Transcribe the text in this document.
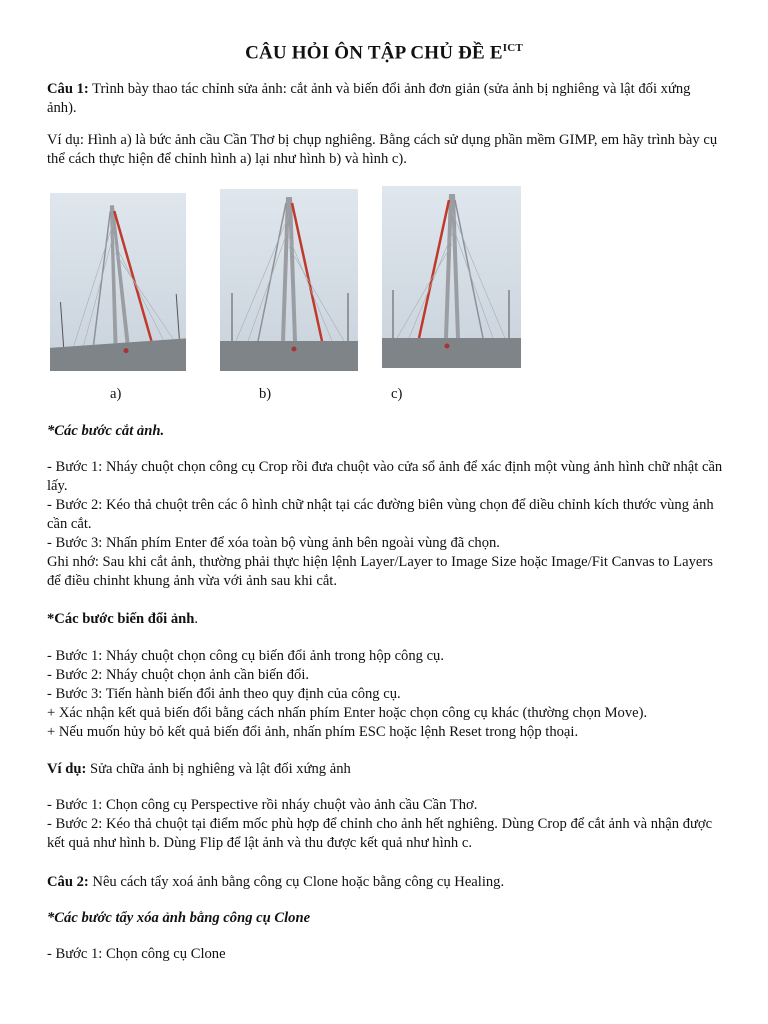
CÂU HỎI ÔN TẬP CHỦ ĐỀ $E^{ICT}$
Câu 1: Trình bày thao tác chỉnh sửa ảnh: cắt ảnh và biến đổi ảnh đơn giản (sửa ảnh bị nghiêng và lật đối xứng ảnh).
Ví dụ: Hình a) là bức ảnh cầu Cần Thơ bị chụp nghiêng. Bằng cách sử dụng phần mềm GIMP, em hãy trình bày cụ thể cách thực hiện để chỉnh hình a) lại như hình b) và hình c).
a)	b)	c)
*Các bước cắt ảnh.
- Bước 1: Nháy chuột chọn công cụ Crop rồi đưa chuột vào cửa sổ ảnh để xác định một vùng ảnh hình chữ nhật cần lấy.
- Bước 2: Kéo thả chuột trên các ô hình chữ nhật tại các đường biên vùng chọn để diều chỉnh kích thước vùng ảnh cần cắt.
- Bước 3: Nhấn phím Enter để xóa toàn bộ vùng ảnh bên ngoài vùng đã chọn.
Ghi nhớ: Sau khi cắt ảnh, thường phải thực hiện lệnh Layer/Layer to Image Size hoặc Image/Fit Canvas to Layers để điều chinht khung ảnh vừa với ảnh sau khi cắt.
*Các bước biến đổi ảnh.
- Bước 1: Nháy chuột chọn công cụ biến đổi ảnh trong hộp công cụ.
- Bước 2: Nháy chuột chọn ảnh cần biến đổi.
- Bước 3: Tiến hành biến đổi ảnh theo quy định của công cụ.
+ Xác nhận kết quả biến đổi bằng cách nhấn phím Enter hoặc chọn công cụ khác (thường chọn Move).
+ Nếu muốn hủy bỏ kết quả biến đổi ảnh, nhấn phím ESC hoặc lệnh Reset trong hộp thoại.
Ví dụ: Sửa chữa ảnh bị nghiêng và lật đối xứng ảnh
- Bước 1: Chọn công cụ Perspective rồi nháy chuột vào ảnh cầu Cần Thơ.
- Bước 2: Kéo thả chuột tại điểm mốc phù hợp để chỉnh cho ảnh hết nghiêng. Dùng Crop để cắt ảnh và nhận được kết quả như hình b. Dùng Flip để lật ảnh và thu được kết quả như hình c.
Câu 2: Nêu cách tẩy xoá ảnh bằng công cụ Clone hoặc bằng công cụ Healing.
*Các bước tẩy xóa ảnh bằng công cụ Clone
- Bước 1: Chọn công cụ Clone
